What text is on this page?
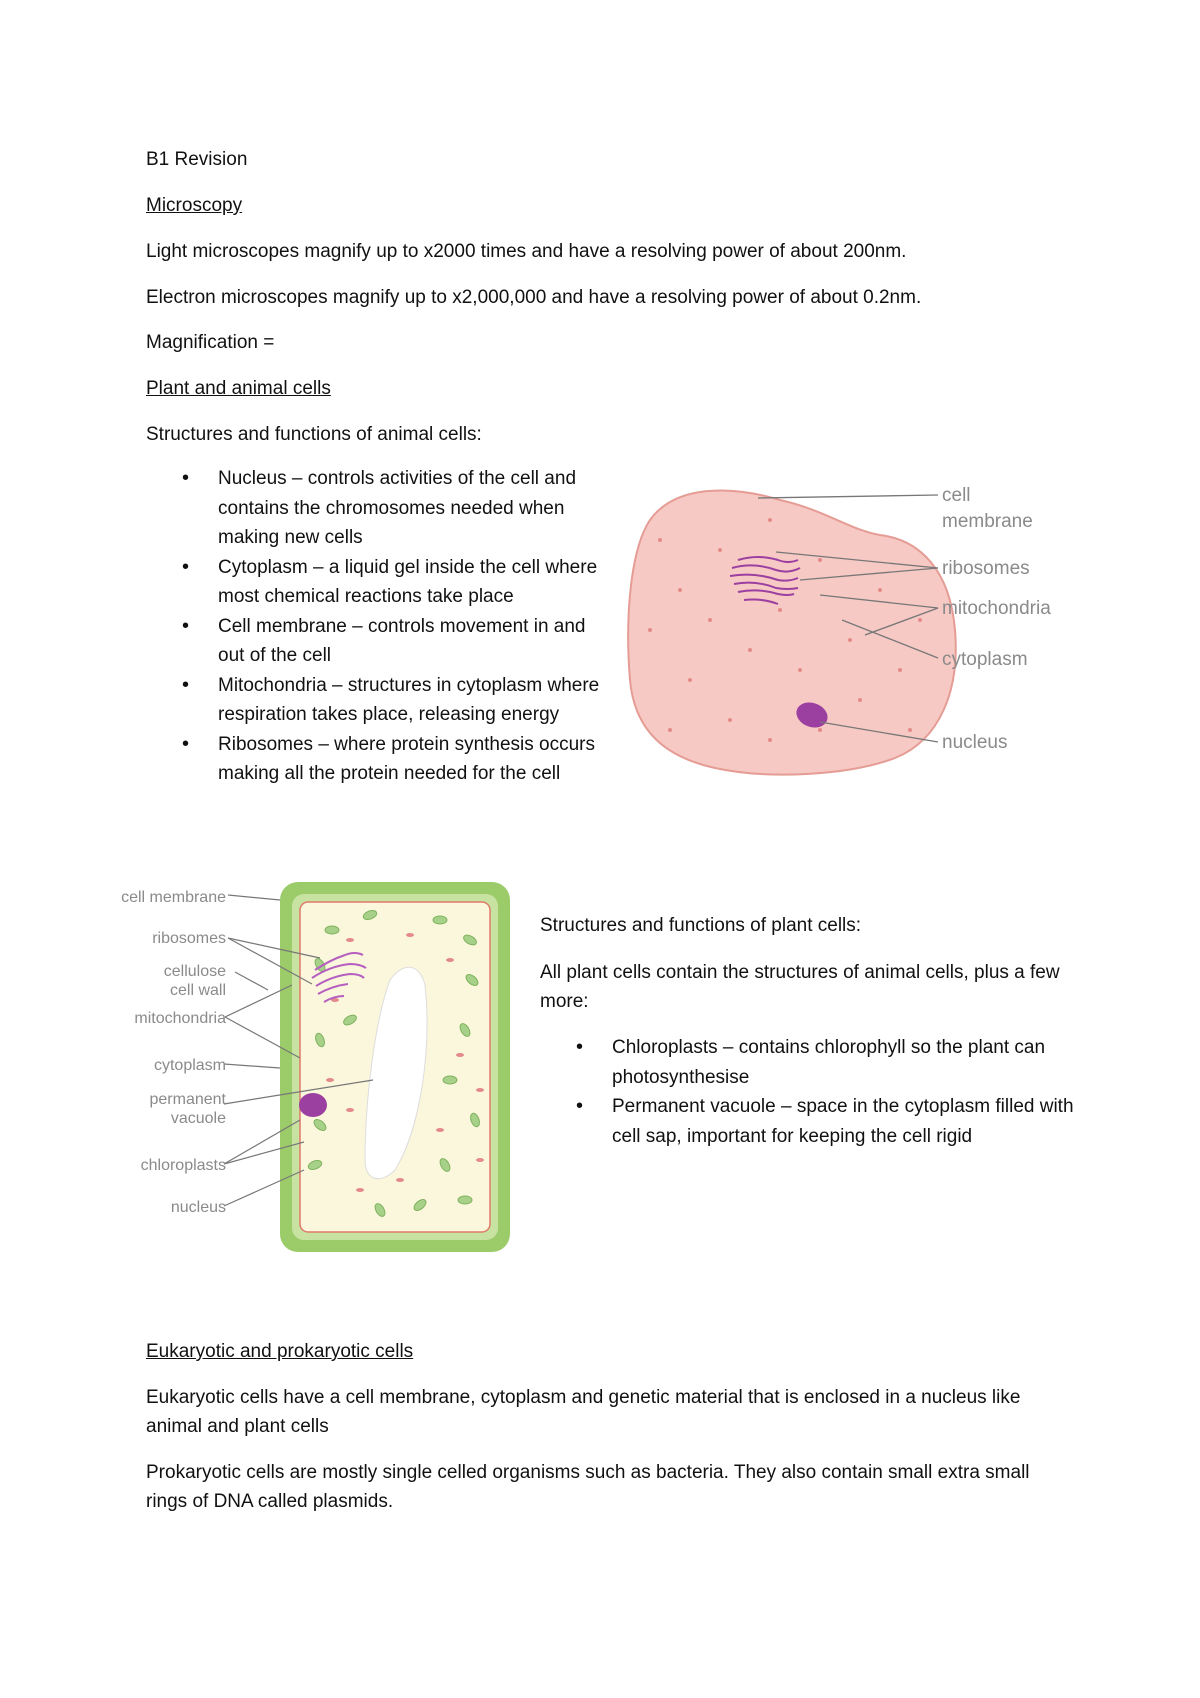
B1 Revision
Microscopy
Light microscopes magnify up to x2000 times and have a resolving power of about 200nm.
Electron microscopes magnify up to x2,000,000 and have a resolving power of about 0.2nm.
Magnification =
Plant and animal cells
Structures and functions of animal cells:
• Nucleus – controls activities of the cell and contains the chromosomes needed when making new cells
• Cytoplasm – a liquid gel inside the cell where most chemical reactions take place
• Cell membrane – controls movement in and out of the cell
• Mitochondria – structures in cytoplasm where respiration takes place, releasing energy
• Ribosomes – where protein synthesis occurs making all the protein needed for the cell
cell
membrane
ribosomes
mitochondria
cytoplasm
nucleus
cell membrane
ribosomes
cellulose
cell wall
mitochondria
cytoplasm
permanent
vacuole
chloroplasts
nucleus
Structures and functions of plant cells:
All plant cells contain the structures of animal cells, plus a few more:
• Chloroplasts – contains chlorophyll so the plant can photosynthesise
• Permanent vacuole – space in the cytoplasm filled with cell sap, important for keeping the cell rigid
Eukaryotic and prokaryotic cells
Eukaryotic cells have a cell membrane, cytoplasm and genetic material that is enclosed in a nucleus like animal and plant cells
Prokaryotic cells are mostly single celled organisms such as bacteria. They also contain small extra small rings of DNA called plasmids.
